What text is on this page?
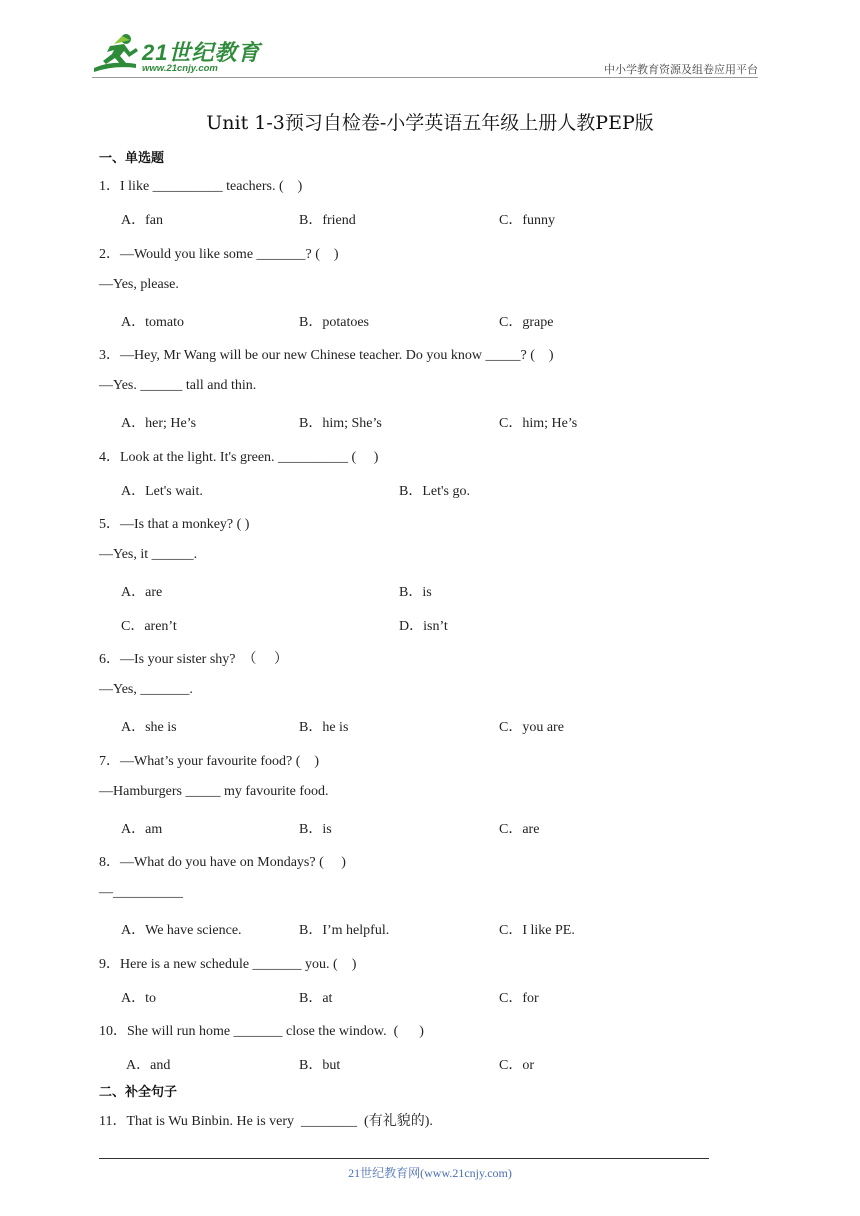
21世纪教育
www.21cnjy.com	中小学教育资源及组卷应用平台
Unit 1-3预习自检卷-小学英语五年级上册人教PEP版
一、单选题
1．I like __________ teachers. (    )
A．fan	B．friend	C．funny
2．—Would you like some _______? (    )
—Yes, please.
A．tomato	B．potatoes	C．grape
3．—Hey, Mr Wang will be our new Chinese teacher. Do you know _____? (    )
—Yes. ______ tall and thin.
A．her; He’s	B．him; She’s	C．him; He’s
4．Look at the light. It's green. __________ (     )
A．Let's wait.	B．Let's go.
5．—Is that a monkey? ( )
—Yes, it ______.
A．are	B．is
C．aren’t	D．isn’t
6．—Is your sister shy?  （     ）
—Yes, _______.
A．she is	B．he is	C．you are
7．—What’s your favourite food? (    )
—Hamburgers _____ my favourite food.
A．am	B．is	C．are
8．—What do you have on Mondays? (     )
—__________
A．We have science.	B．I’m helpful.	C．I like PE.
9．Here is a new schedule _______ you. (    )
A．to	B．at	C．for
10．She will run home _______ close the window.  (      )
A．and	B．but	C．or
二、补全句子
11．That is Wu Binbin. He is very  ________  (有礼貌的).
21世纪教育网(www.21cnjy.com)
